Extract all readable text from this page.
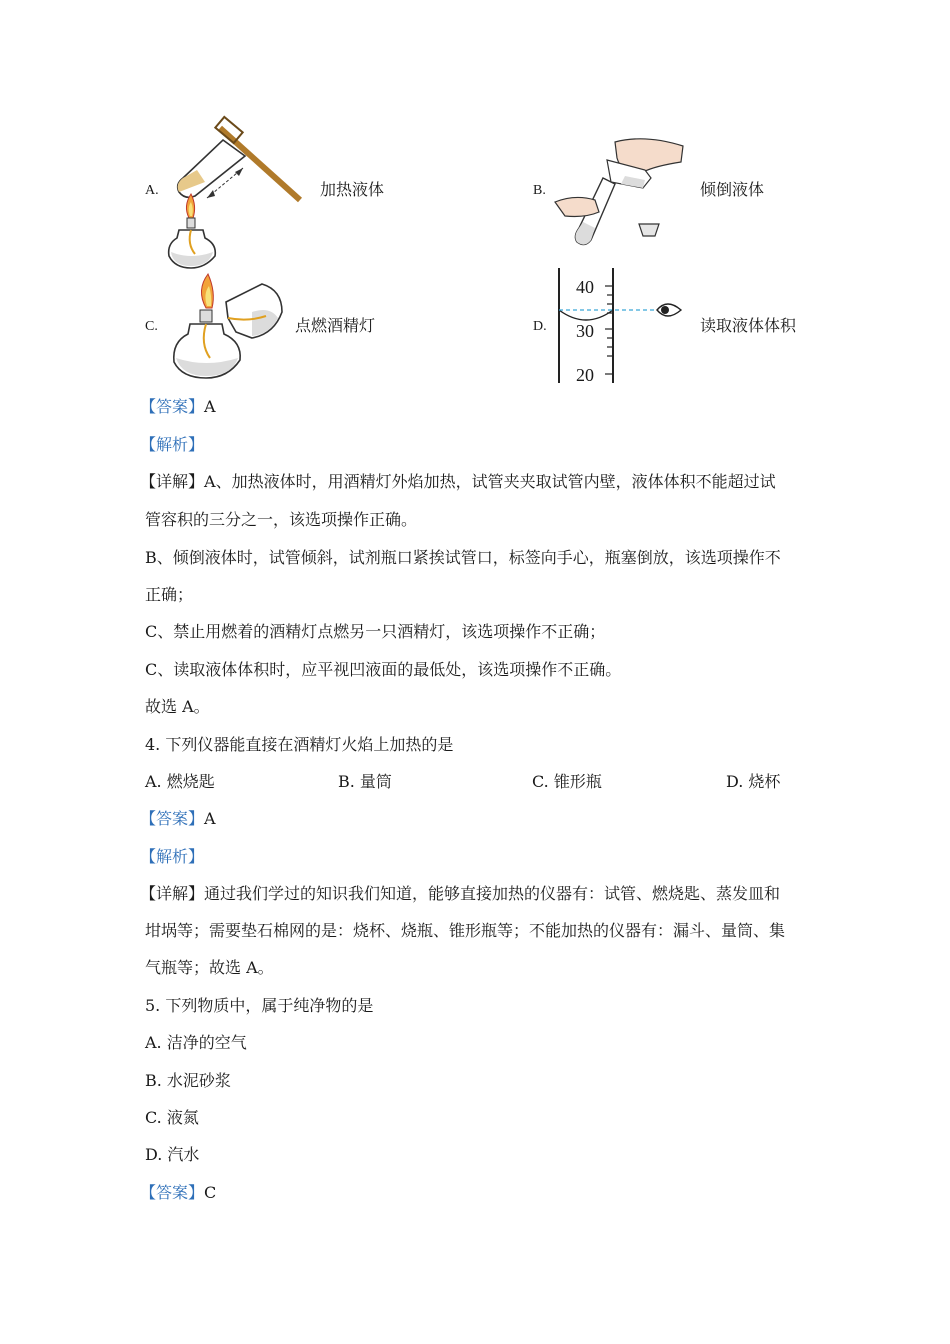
A.	加热液体	B.	倾倒液体
C.	点燃酒精灯	D.	读取液体体积
40
30
20
【答案】A
【解析】
【详解】A、加热液体时，用酒精灯外焰加热，试管夹夹取试管内壁，液体体积不能超过试
管容积的三分之一，该选项操作正确。
B、倾倒液体时，试管倾斜，试剂瓶口紧挨试管口，标签向手心，瓶塞倒放，该选项操作不
正确；
C、禁止用燃着的酒精灯点燃另一只酒精灯，该选项操作不正确；
C、读取液体体积时，应平视凹液面的最低处，该选项操作不正确。
故选 A。
4. 下列仪器能直接在酒精灯火焰上加热的是
A. 燃烧匙	B. 量筒	C. 锥形瓶	D. 烧杯
【答案】A
【解析】
【详解】通过我们学过的知识我们知道，能够直接加热的仪器有：试管、燃烧匙、蒸发皿和
坩埚等；需要垫石棉网的是：烧杯、烧瓶、锥形瓶等；不能加热的仪器有：漏斗、量筒、集
气瓶等；故选 A。
5. 下列物质中，属于纯净物的是
A. 洁净的空气
B. 水泥砂浆
C. 液氮
D. 汽水
【答案】C
